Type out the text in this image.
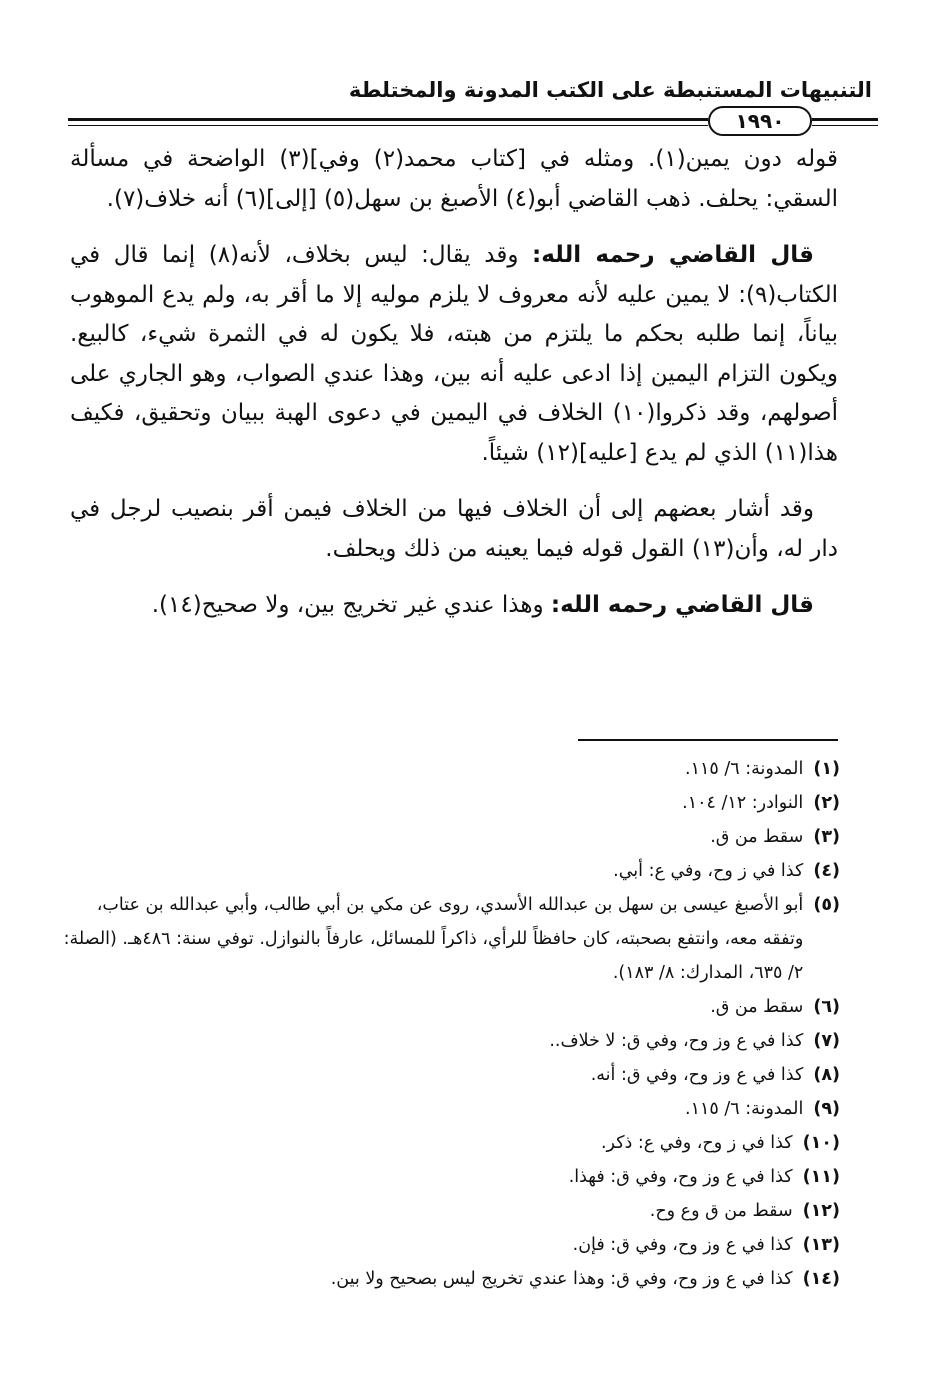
التنبيهات المستنبطة على الكتب المدونة والمختلطة
١٩٩٠

قوله دون يمين(١). ومثله في [كتاب محمد(٢) وفي](٣) الواضحة في مسألة السقي: يحلف. ذهب القاضي أبو(٤) الأصبغ بن سهل(٥) [إلى](٦) أنه خلاف(٧).

قال القاضي رحمه الله: وقد يقال: ليس بخلاف، لأنه(٨) إنما قال في الكتاب(٩): لا يمين عليه لأنه معروف لا يلزم موليه إلا ما أقر به، ولم يدع الموهوب بياناً، إنما طلبه بحكم ما يلتزم من هبته، فلا يكون له في الثمرة شيء، كالبيع. ويكون التزام اليمين إذا ادعى عليه أنه بين، وهذا عندي الصواب، وهو الجاري على أصولهم، وقد ذكروا(١٠) الخلاف في اليمين في دعوى الهبة ببيان وتحقيق، فكيف هذا(١١) الذي لم يدع [عليه](١٢) شيئاً.

وقد أشار بعضهم إلى أن الخلاف فيها من الخلاف فيمن أقر بنصيب لرجل في دار له، وأن(١٣) القول قوله فيما يعينه من ذلك ويحلف.

قال القاضي رحمه الله: وهذا عندي غير تخريج بين، ولا صحيح(١٤).

(١)
المدونة: ٦/ ١١٥.
(٢)
النوادر: ١٢/ ١٠٤.
(٣)
سقط من ق.
(٤)
كذا في ز وح، وفي ع: أبي.
(٥)
أبو الأصبغ عيسى بن سهل بن عبدالله الأسدي، روى عن مكي بن أبي طالب، وأبي عبدالله بن عتاب، وتفقه معه، وانتفع بصحبته، كان حافظاً للرأي، ذاكراً للمسائل، عارفاً بالنوازل. توفي سنة: ٤٨٦هـ. (الصلة: ٢/ ٦٣٥، المدارك: ٨/ ١٨٣).
(٦)
سقط من ق.
(٧)
كذا في ع وز وح، وفي ق: لا خلاف..
(٨)
كذا في ع وز وح، وفي ق: أنه.
(٩)
المدونة: ٦/ ١١٥.
(١٠)
كذا في ز وح، وفي ع: ذكر.
(١١)
كذا في ع وز وح، وفي ق: فهذا.
(١٢)
سقط من ق وع وح.
(١٣)
كذا في ع وز وح، وفي ق: فإن.
(١٤)
كذا في ع وز وح، وفي ق: وهذا عندي تخريج ليس بصحيح ولا بين.
